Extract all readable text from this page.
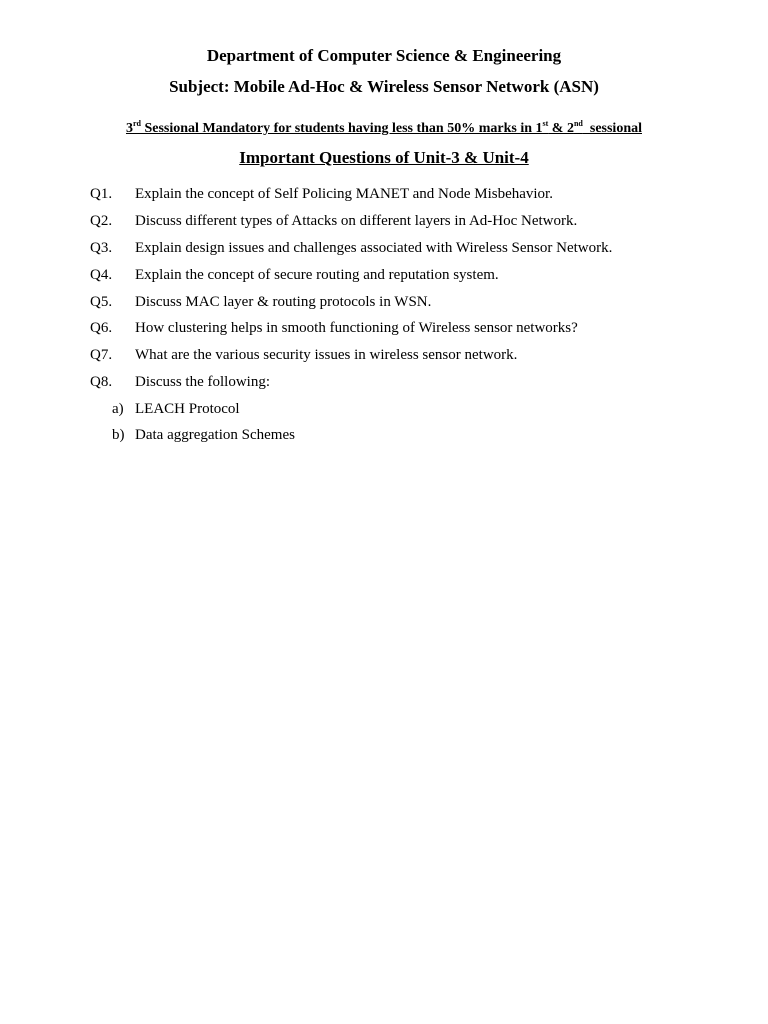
Department of Computer Science & Engineering
Subject: Mobile Ad-Hoc & Wireless Sensor Network (ASN)
3rd Sessional Mandatory for students having less than 50% marks in 1st & 2nd  sessional
Important Questions of Unit-3 & Unit-4
Q1. Explain the concept of Self Policing MANET and Node Misbehavior.
Q2. Discuss different types of Attacks on different layers in Ad-Hoc Network.
Q3. Explain design issues and challenges associated with Wireless Sensor Network.
Q4. Explain the concept of secure routing and reputation system.
Q5. Discuss MAC layer & routing protocols in WSN.
Q6. How clustering helps in smooth functioning of Wireless sensor networks?
Q7. What are the various security issues in wireless sensor network.
Q8. Discuss the following:
a) LEACH Protocol
b) Data aggregation Schemes
